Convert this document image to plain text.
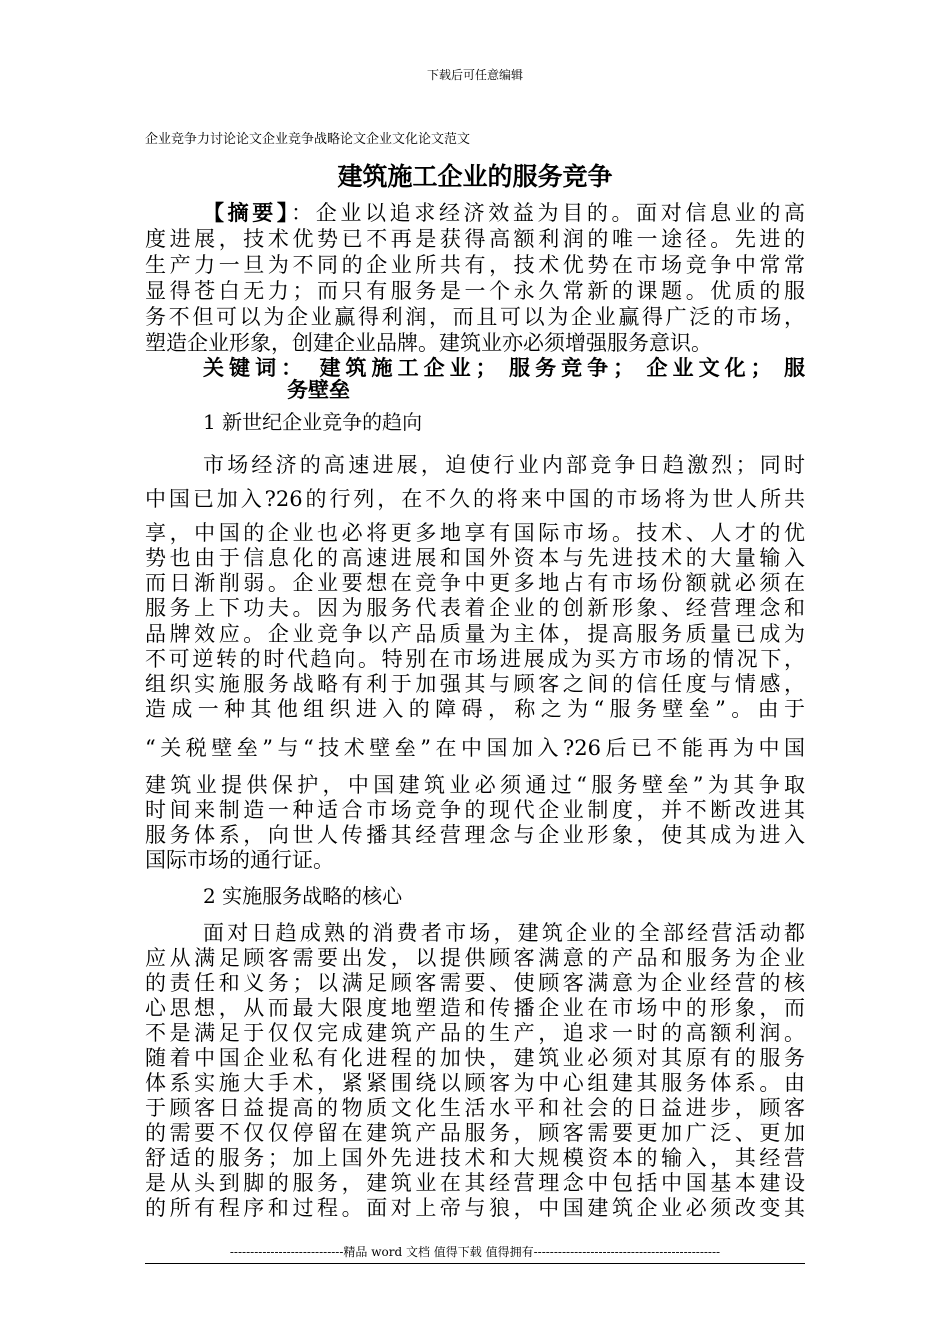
下载后可任意编辑
企业竞争力讨论论文企业竞争战略论文企业文化论文范文
建筑施工企业的服务竞争
【摘要】：企业以追求经济效益为目的。面对信息业的高
度进展，技术优势已不再是获得高额利润的唯一途径。先进的
生产力一旦为不同的企业所共有，技术优势在市场竞争中常常
显得苍白无力；而只有服务是一个永久常新的课题。优质的服
务不但可以为企业赢得利润，而且可以为企业赢得广泛的市场，
塑造企业形象，创建企业品牌。建筑业亦必须增强服务意识。
关键词： 建筑施工企业； 服务竞争； 企业文化； 服
务壁垒
1 新世纪企业竞争的趋向
市场经济的高速进展，迫使行业内部竞争日趋激烈；同时
中国已加入?26的行列，在不久的将来中国的市场将为世人所共
享，中国的企业也必将更多地享有国际市场。技术、人才的优
势也由于信息化的高速进展和国外资本与先进技术的大量输入
而日渐削弱。企业要想在竞争中更多地占有市场份额就必须在
服务上下功夫。因为服务代表着企业的创新形象、经营理念和
品牌效应。企业竞争以产品质量为主体，提高服务质量已成为
不可逆转的时代趋向。特别在市场进展成为买方市场的情况下，
组织实施服务战略有利于加强其与顾客之间的信任度与情感，
造成一种其他组织进入的障碍，称之为“服务壁垒”。由于
“关税壁垒”与“技术壁垒”在中国加入?26后已不能再为中国
建筑业提供保护，中国建筑业必须通过“服务壁垒”为其争取
时间来制造一种适合市场竞争的现代企业制度，并不断改进其
服务体系，向世人传播其经营理念与企业形象，使其成为进入
国际市场的通行证。
2 实施服务战略的核心
面对日趋成熟的消费者市场，建筑企业的全部经营活动都
应从满足顾客需要出发，以提供顾客满意的产品和服务为企业
的责任和义务；以满足顾客需要、使顾客满意为企业经营的核
心思想，从而最大限度地塑造和传播企业在市场中的形象，而
不是满足于仅仅完成建筑产品的生产，追求一时的高额利润。
随着中国企业私有化进程的加快，建筑业必须对其原有的服务
体系实施大手术，紧紧围绕以顾客为中心组建其服务体系。由
于顾客日益提高的物质文化生活水平和社会的日益进步，顾客
的需要不仅仅停留在建筑产品服务，顾客需要更加广泛、更加
舒适的服务；加上国外先进技术和大规模资本的输入，其经营
是从头到脚的服务，建筑业在其经营理念中包括中国基本建设
的所有程序和过程。面对上帝与狼，中国建筑企业必须改变其
----------------------------精品 word 文档 值得下载 值得拥有----------------------------------------------
